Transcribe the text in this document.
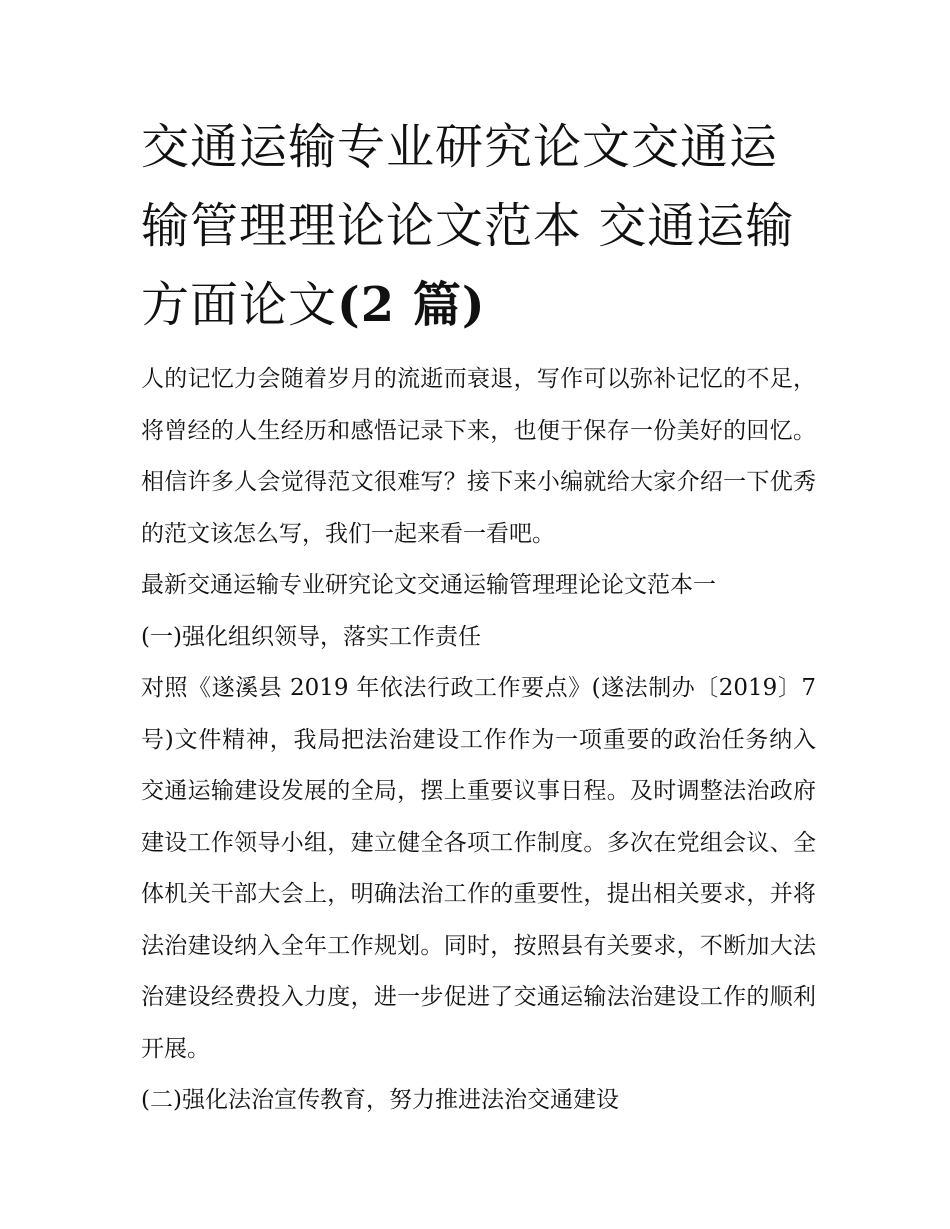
交通运输专业研究论文交通运输管理理论论文范本 交通运输方面论文(2 篇)

人的记忆力会随着岁月的流逝而衰退，写作可以弥补记忆的不足，将曾经的人生经历和感悟记录下来，也便于保存一份美好的回忆。相信许多人会觉得范文很难写？接下来小编就给大家介绍一下优秀的范文该怎么写，我们一起来看一看吧。

最新交通运输专业研究论文交通运输管理理论论文范本一

(一)强化组织领导，落实工作责任

对照《遂溪县 2019 年依法行政工作要点》(遂法制办〔2019〕7 号)文件精神，我局把法治建设工作作为一项重要的政治任务纳入交通运输建设发展的全局，摆上重要议事日程。及时调整法治政府建设工作领导小组，建立健全各项工作制度。多次在党组会议、全体机关干部大会上，明确法治工作的重要性，提出相关要求，并将法治建设纳入全年工作规划。同时，按照县有关要求，不断加大法治建设经费投入力度，进一步促进了交通运输法治建设工作的顺利开展。

(二)强化法治宣传教育，努力推进法治交通建设
